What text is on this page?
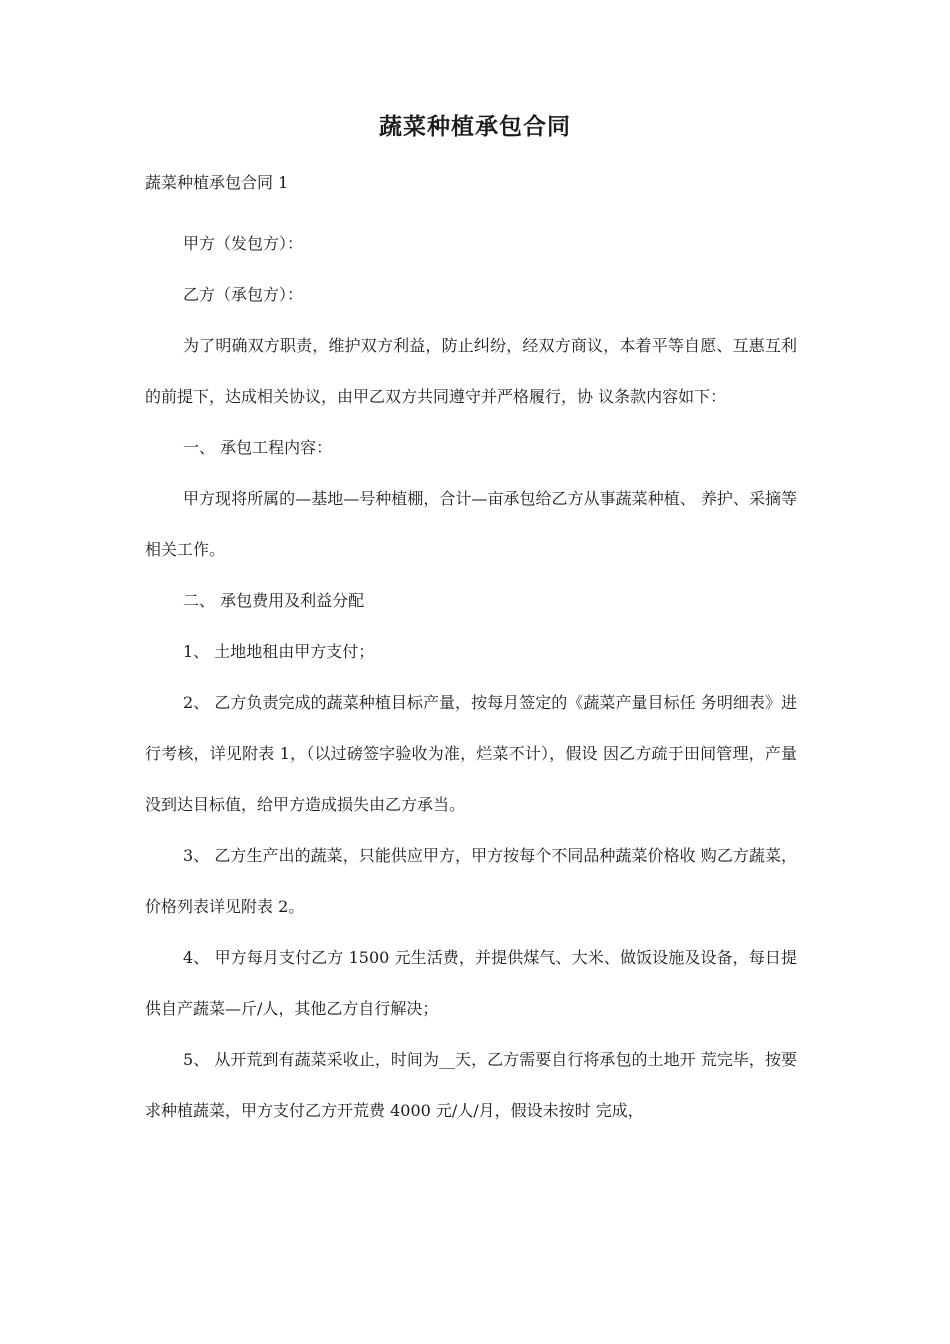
蔬菜种植承包合同
蔬菜种植承包合同 1

甲方（发包方）：

乙方（承包方）：

为了明确双方职责，维护双方利益，防止纠纷，经双方商议，本着平等自愿、互惠互利的前提下，达成相关协议，由甲乙双方共同遵守并严格履行，协 议条款内容如下：

一、 承包工程内容：

甲方现将所属的—基地—号种植棚，合计—亩承包给乙方从事蔬菜种植、 养护、采摘等相关工作。

二、 承包费用及利益分配

1、 土地地租由甲方支付；

2、 乙方负责完成的蔬菜种植目标产量，按每月签定的《蔬菜产量目标任 务明细表》进行考核，详见附表 1，（以过磅签字验收为准，烂菜不计），假设 因乙方疏于田间管理，产量没到达目标值，给甲方造成损失由乙方承当。

3、 乙方生产出的蔬菜，只能供应甲方，甲方按每个不同品种蔬菜价格收 购乙方蔬菜，价格列表详见附表 2。

4、 甲方每月支付乙方 1500 元生活费，并提供煤气、大米、做饭设施及设备，每日提供自产蔬菜—斤/人，其他乙方自行解决；

5、 从开荒到有蔬菜采收止，时间为__天，乙方需要自行将承包的土地开 荒完毕，按要求种植蔬菜，甲方支付乙方开荒费 4000 元/人/月，假设未按时 完成，
